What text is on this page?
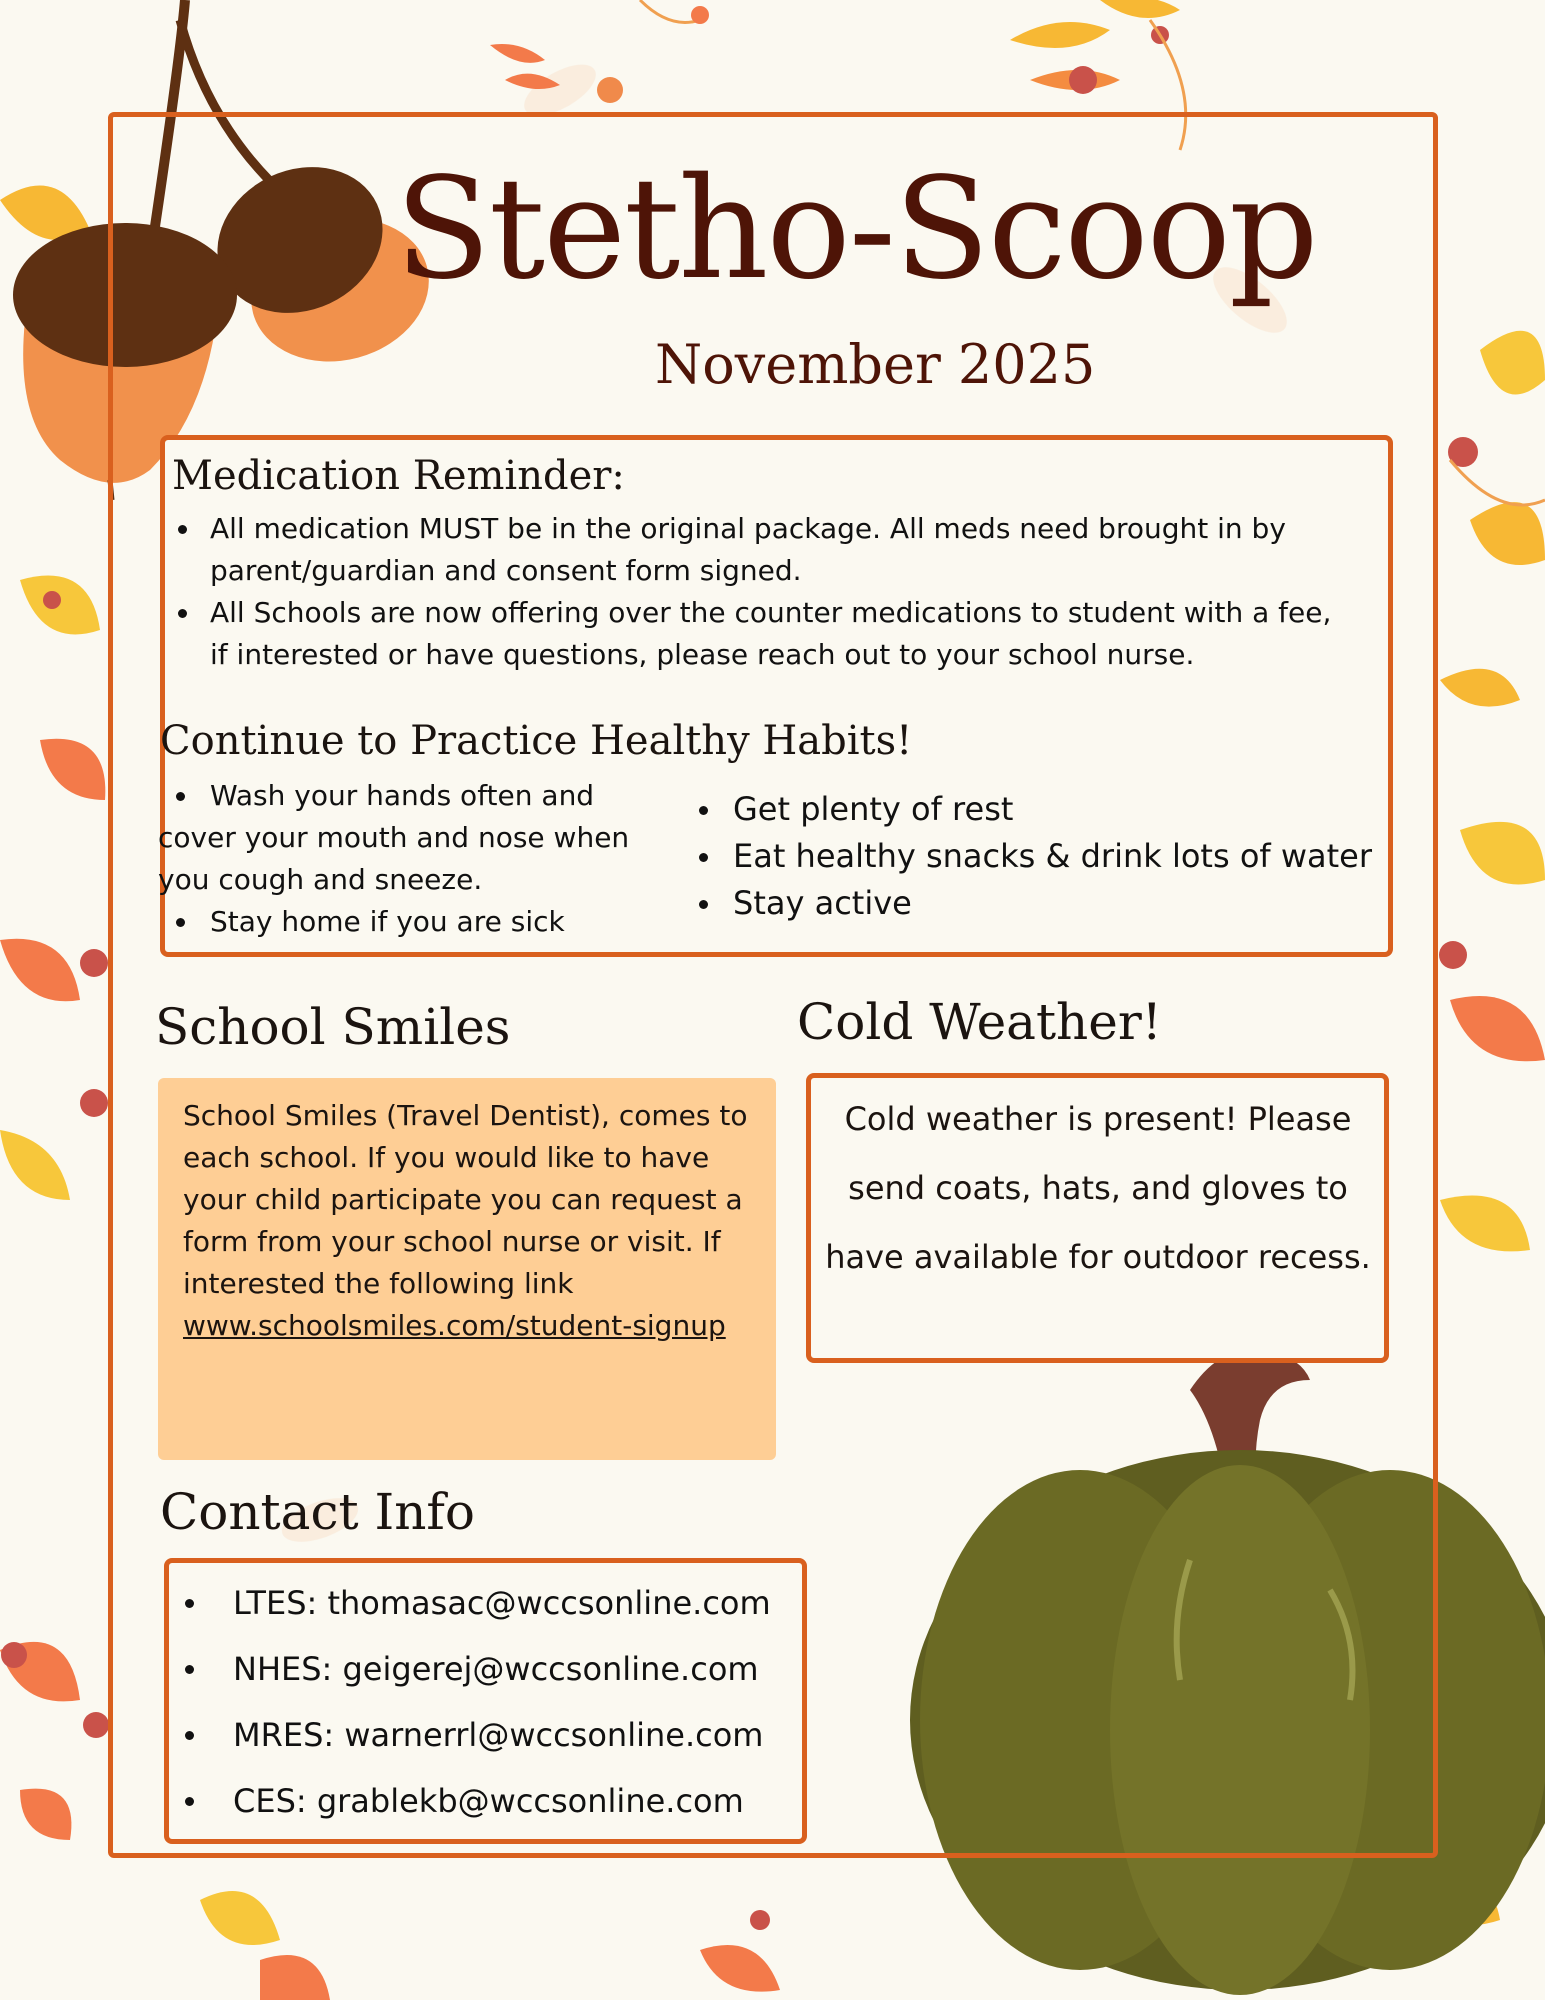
Stetho-Scoop
November 2025
Medication Reminder:
All medication MUST be in the original package. All meds need brought in by parent/guardian and consent form signed.
All Schools are now offering over the counter medications to student with a fee, if interested or have questions, please reach out to your school nurse.
Continue to Practice Healthy Habits!
Wash your hands often and cover your mouth and nose when you cough and sneeze.
Stay home if you are sick
Get plenty of rest
Eat healthy snacks & drink lots of water
Stay active
School Smiles
School Smiles (Travel Dentist), comes to each school. If you would like to have your child participate you can request a form from your school nurse or visit. If interested the following link
www.schoolsmiles.com/student-signup
Cold Weather!
Cold weather is present! Please send coats, hats, and gloves to have available for outdoor recess.
Contact Info
LTES: thomasac@wccsonline.com
NHES: geigerej@wccsonline.com
MRES: warnerrl@wccsonline.com
CES: grablekb@wccsonline.com
